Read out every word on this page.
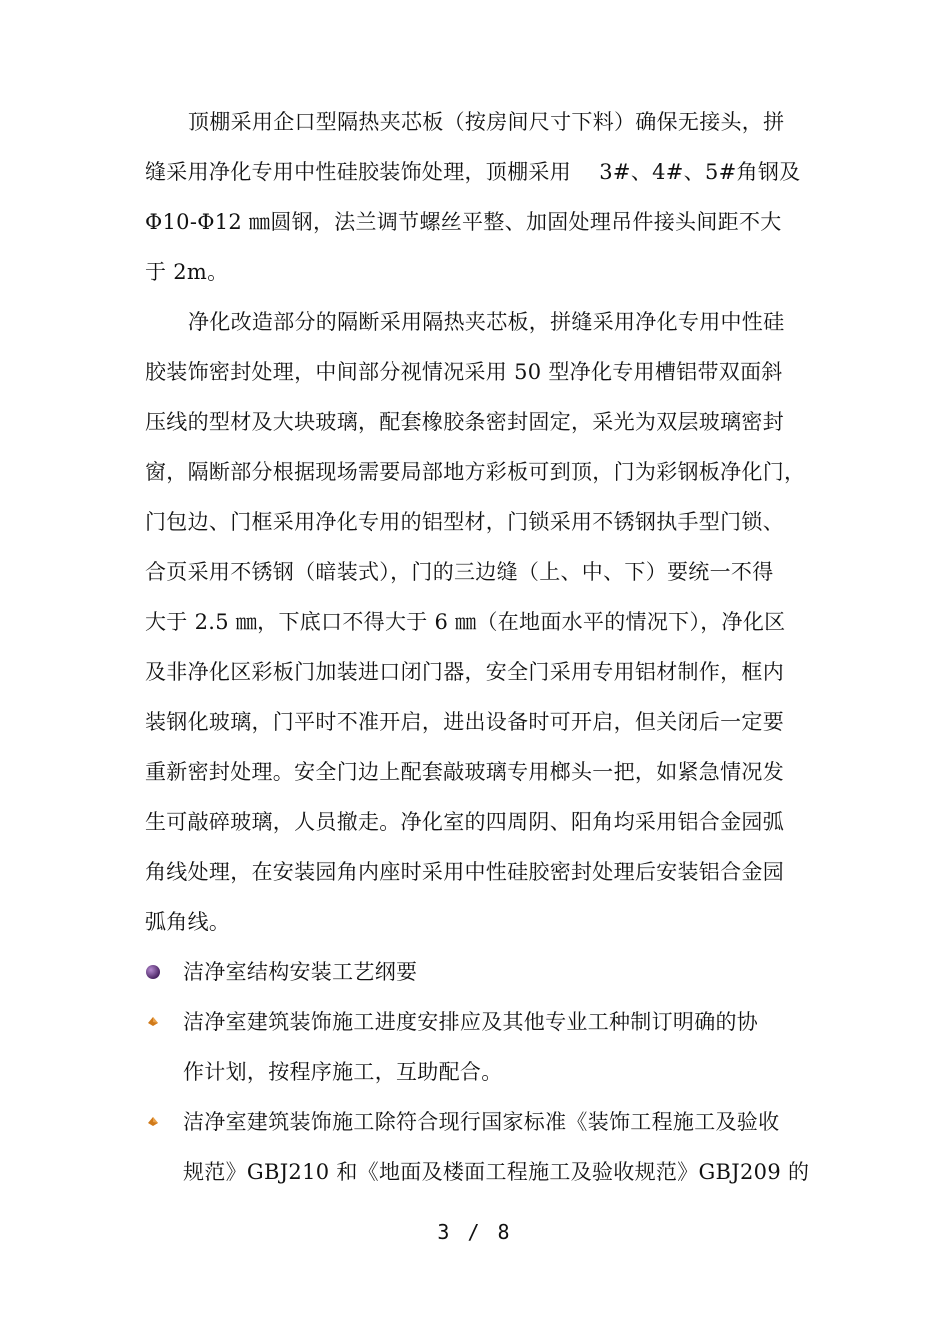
顶棚采用企口型隔热夹芯板（按房间尺寸下料）确保无接头，拼
缝采用净化专用中性硅胶装饰处理，顶棚采用　 3#、4#、5#角钢及
Φ10-Φ12 ㎜圆钢，法兰调节螺丝平整、加固处理吊件接头间距不大
于 2m。
净化改造部分的隔断采用隔热夹芯板，拼缝采用净化专用中性硅
胶装饰密封处理，中间部分视情况采用 50 型净化专用槽铝带双面斜
压线的型材及大块玻璃，配套橡胶条密封固定，采光为双层玻璃密封
窗，隔断部分根据现场需要局部地方彩板可到顶，门为彩钢板净化门，
门包边、门框采用净化专用的铝型材，门锁采用不锈钢执手型门锁、
合页采用不锈钢（暗装式），门的三边缝（上、中、下）要统一不得
大于 2.5 ㎜，下底口不得大于 6 ㎜（在地面水平的情况下），净化区
及非净化区彩板门加装进口闭门器，安全门采用专用铝材制作，框内
装钢化玻璃，门平时不准开启，进出设备时可开启，但关闭后一定要
重新密封处理。安全门边上配套敲玻璃专用榔头一把，如紧急情况发
生可敲碎玻璃，人员撤走。净化室的四周阴、阳角均采用铝合金园弧
角线处理，在安装园角内座时采用中性硅胶密封处理后安装铝合金园
弧角线。
洁净室结构安装工艺纲要
洁净室建筑装饰施工进度安排应及其他专业工种制订明确的协
作计划，按程序施工，互助配合。
洁净室建筑装饰施工除符合现行国家标准《装饰工程施工及验收
规范》GBJ210 和《地面及楼面工程施工及验收规范》GBJ209 的
3 / 8
